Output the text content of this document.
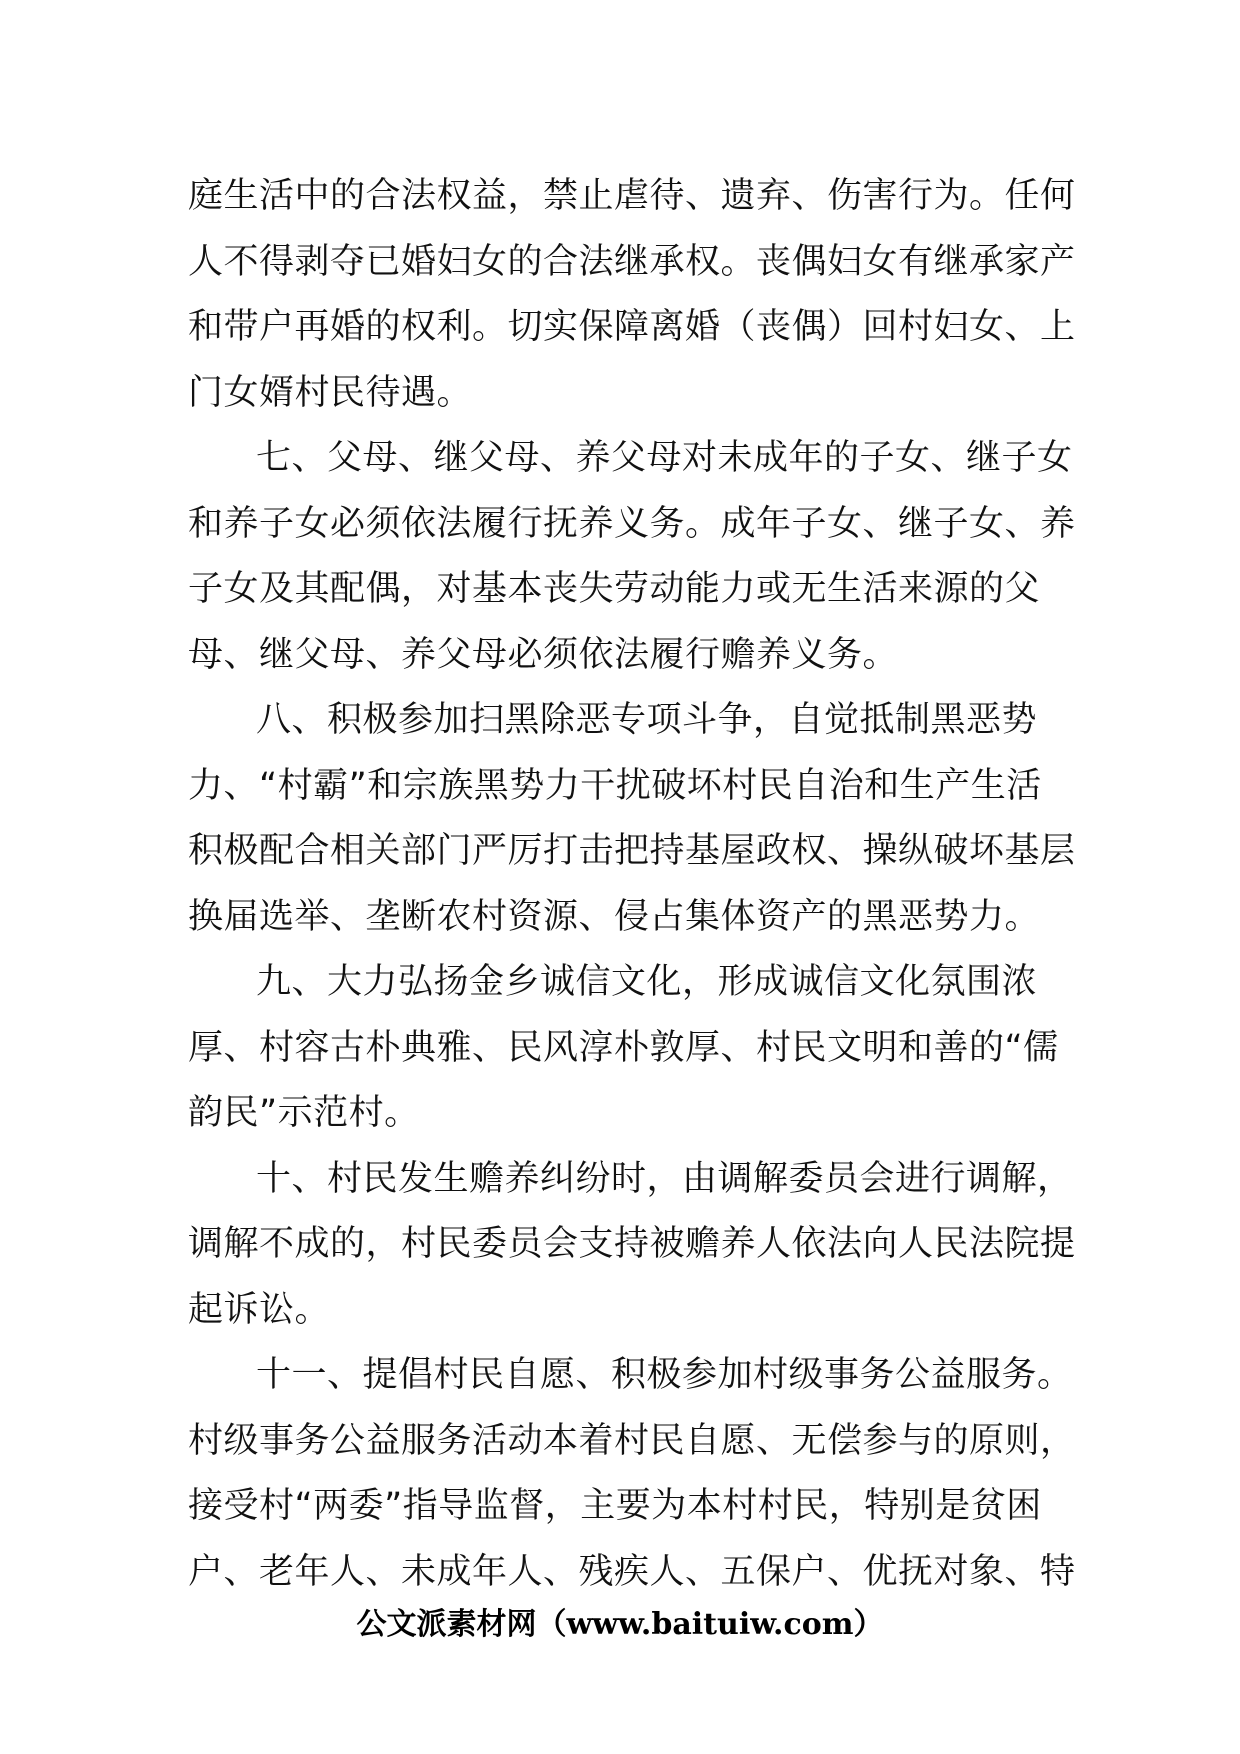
庭生活中的合法权益，禁止虐待、遗弃、伤害行为。任何
人不得剥夺已婚妇女的合法继承权。丧偶妇女有继承家产
和带户再婚的权利。切实保障离婚（丧偶）回村妇女、上
门女婿村民待遇。
七、父母、继父母、养父母对未成年的子女、继子女
和养子女必须依法履行抚养义务。成年子女、继子女、养
子女及其配偶，对基本丧失劳动能力或无生活来源的父
母、继父母、养父母必须依法履行赡养义务。
八、积极参加扫黑除恶专项斗争，自觉抵制黑恶势
力、“村霸”和宗族黑势力干扰破坏村民自治和生产生活
积极配合相关部门严厉打击把持基屋政权、操纵破坏基层
换届选举、垄断农村资源、侵占集体资产的黑恶势力。
九、大力弘扬金乡诚信文化，形成诚信文化氛围浓
厚、村容古朴典雅、民风淳朴敦厚、村民文明和善的“儒
韵民”示范村。
十、村民发生赡养纠纷时，由调解委员会进行调解，
调解不成的，村民委员会支持被赡养人依法向人民法院提
起诉讼。
十一、提倡村民自愿、积极参加村级事务公益服务。
村级事务公益服务活动本着村民自愿、无偿参与的原则，
接受村“两委”指导监督，主要为本村村民，特别是贫困
户、老年人、未成年人、残疾人、五保户、优抚对象、特
公文派素材网（www.baituiw.com）
